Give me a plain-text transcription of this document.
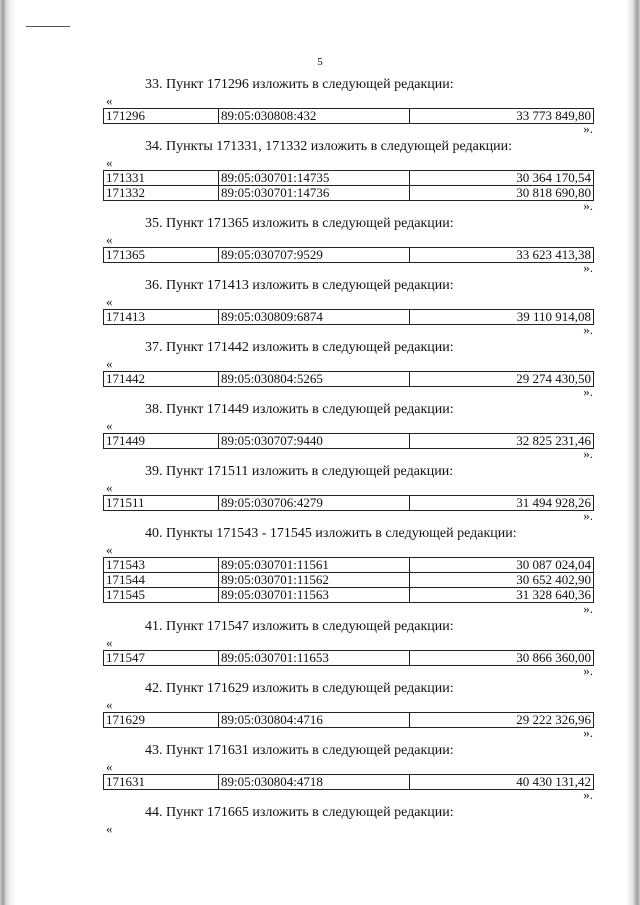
5
33. Пункт 171296 изложить в следующей редакции:
«
171296	89:05:030808:432	33 773 849,80
».
34. Пункты 171331, 171332 изложить в следующей редакции:
«
171331	89:05:030701:14735	30 364 170,54
171332	89:05:030701:14736	30 818 690,80
».
35. Пункт 171365 изложить в следующей редакции:
«
171365	89:05:030707:9529	33 623 413,38
».
36. Пункт 171413 изложить в следующей редакции:
«
171413	89:05:030809:6874	39 110 914,08
».
37. Пункт 171442 изложить в следующей редакции:
«
171442	89:05:030804:5265	29 274 430,50
».
38. Пункт 171449 изложить в следующей редакции:
«
171449	89:05:030707:9440	32 825 231,46
».
39. Пункт 171511 изложить в следующей редакции:
«
171511	89:05:030706:4279	31 494 928,26
».
40. Пункты 171543 - 171545 изложить в следующей редакции:
«
171543	89:05:030701:11561	30 087 024,04
171544	89:05:030701:11562	30 652 402,90
171545	89:05:030701:11563	31 328 640,36
».
41. Пункт 171547 изложить в следующей редакции:
«
171547	89:05:030701:11653	30 866 360,00
».
42. Пункт 171629 изложить в следующей редакции:
«
171629	89:05:030804:4716	29 222 326,96
».
43. Пункт 171631 изложить в следующей редакции:
«
171631	89:05:030804:4718	40 430 131,42
».
44. Пункт 171665 изложить в следующей редакции:
«
